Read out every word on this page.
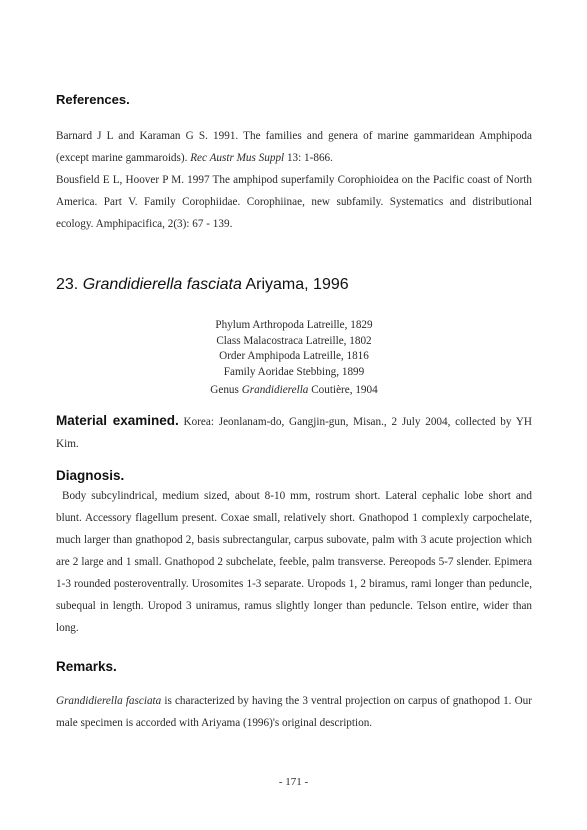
References.

Barnard J L and Karaman G S. 1991. The families and genera of marine gammaridean Amphipoda (except marine gammaroids). Rec Austr Mus Suppl 13: 1-866.

Bousfield E L, Hoover P M. 1997 The amphipod superfamily Corophioidea on the Pacific coast of North America. Part V. Family Corophiidae. Corophiinae, new subfamily. Systematics and distributional ecology. Amphipacifica, 2(3): 67 - 139.

23. Grandidierella fasciata Ariyama, 1996
Phylum Arthropoda Latreille, 1829
Class Malacostraca Latreille, 1802
Order Amphipoda Latreille, 1816
Family Aoridae Stebbing, 1899
Genus Grandidierella Coutière, 1904

Material examined. Korea: Jeonlanam-do, Gangjin-gun, Misan., 2 July 2004, collected by YH Kim.

Diagnosis.

Body subcylindrical, medium sized, about 8-10 mm, rostrum short. Lateral cephalic lobe short and blunt. Accessory flagellum present. Coxae small, relatively short. Gnathopod 1 complexly carpochelate, much larger than gnathopod 2, basis subrectangular, carpus subovate, palm with 3 acute projection which are 2 large and 1 small. Gnathopod 2 subchelate, feeble, palm transverse. Pereopods 5-7 slender. Epimera 1-3 rounded posteroventrally. Urosomites 1-3 separate. Uropods 1, 2 biramus, rami longer than peduncle, subequal in length. Uropod 3 uniramus, ramus slightly longer than peduncle. Telson entire, wider than long.

Remarks.

Grandidierella fasciata is characterized by having the 3 ventral projection on carpus of gnathopod 1. Our male specimen is accorded with Ariyama (1996)'s original description.

- 171 -
